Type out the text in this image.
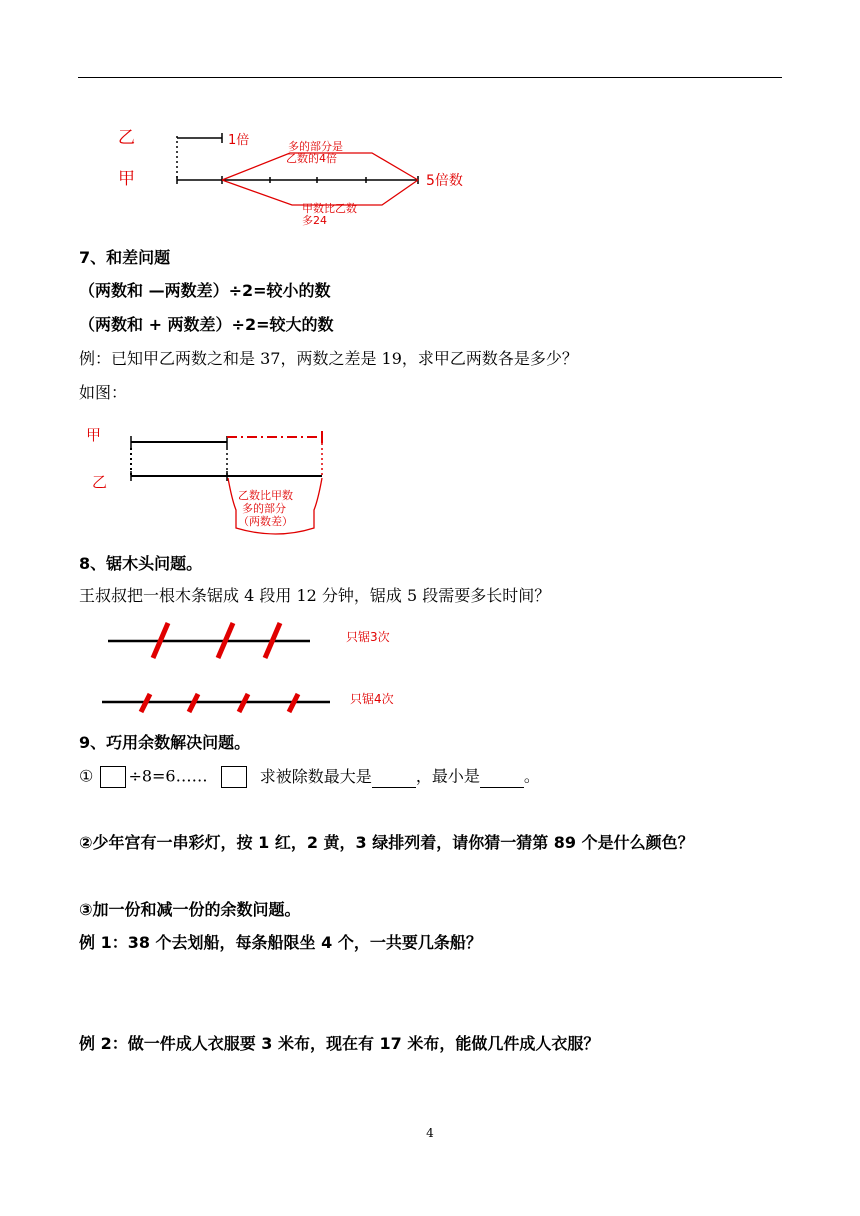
乙
甲
1倍	多的部分是
乙数的4倍
5倍数
甲数比乙数
多24
甲
乙
乙数比甲数
多的部分
（两数差）
只锯3次
只锯4次
7、和差问题
（两数和 —两数差）÷2=较小的数
（两数和 + 两数差）÷2=较大的数
例：已知甲乙两数之和是 37，两数之差是 19，求甲乙两数各是多少？
如图：
8、锯木头问题。
王叔叔把一根木条锯成 4 段用 12 分钟，锯成 5 段需要多长时间？
9、巧用余数解决问题。
① ÷8=6……	求被除数最大是	，最小是	。
②少年宫有一串彩灯，按 1 红，2 黄，3 绿排列着，请你猜一猜第 89 个是什么颜色？
③加一份和减一份的余数问题。
例 1：38 个去划船，每条船限坐 4 个，一共要几条船？
例 2：做一件成人衣服要 3 米布，现在有 17 米布，能做几件成人衣服？
4
